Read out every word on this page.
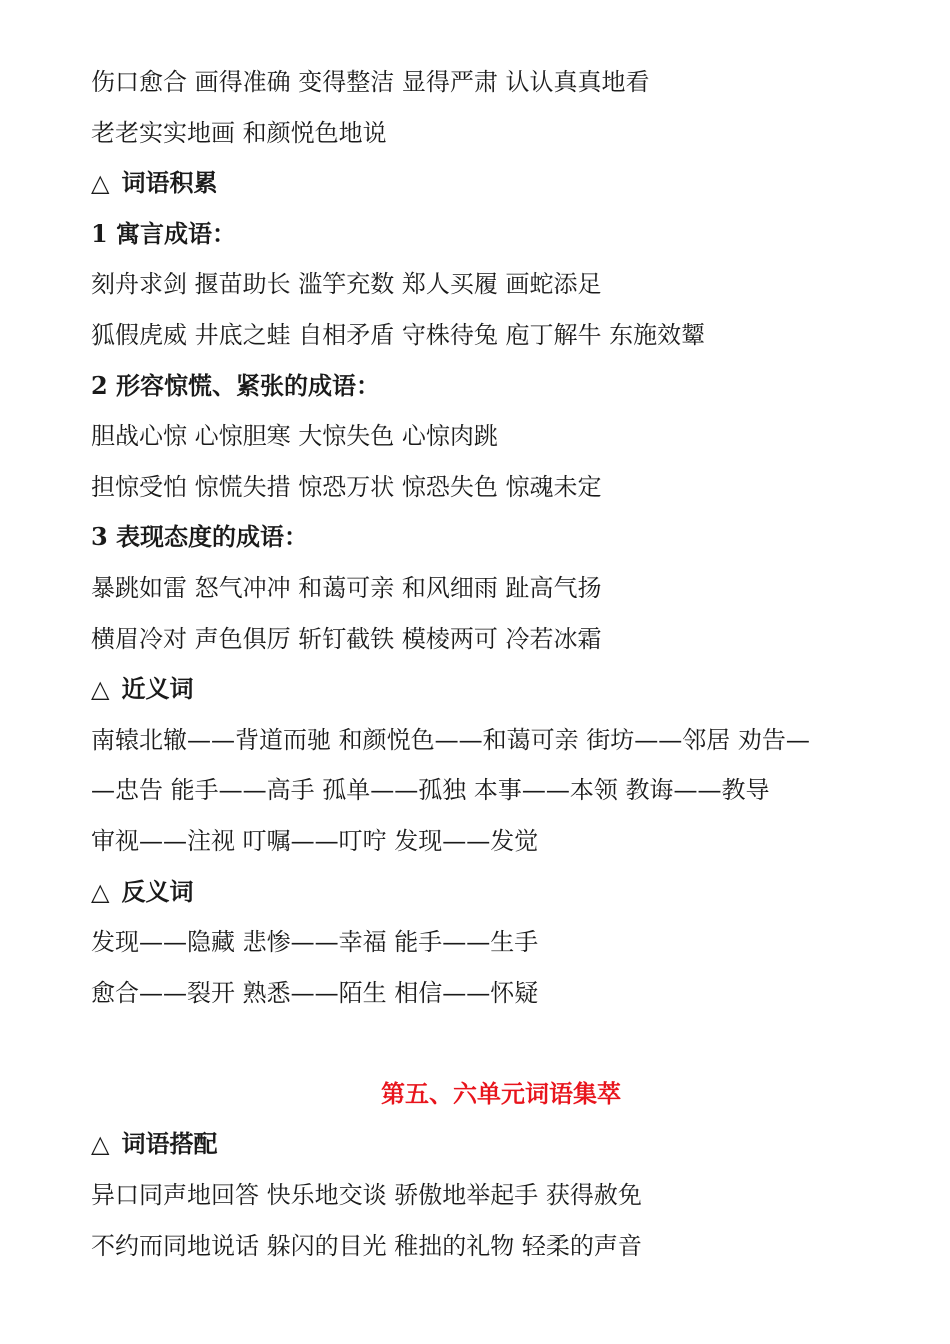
伤口愈合 画得准确 变得整洁 显得严肃 认认真真地看
老老实实地画 和颜悦色地说
△ 词语积累
1 寓言成语：
刻舟求剑 揠苗助长 滥竽充数 郑人买履 画蛇添足
狐假虎威 井底之蛙 自相矛盾 守株待兔 庖丁解牛 东施效颦
2 形容惊慌、紧张的成语：
胆战心惊 心惊胆寒 大惊失色 心惊肉跳
担惊受怕 惊慌失措 惊恐万状 惊恐失色 惊魂未定
3 表现态度的成语：
暴跳如雷 怒气冲冲 和蔼可亲 和风细雨 趾高气扬
横眉冷对 声色俱厉 斩钉截铁 模棱两可 冷若冰霜
△ 近义词
南辕北辙——背道而驰 和颜悦色——和蔼可亲 街坊——邻居 劝告—
—忠告 能手——高手 孤单——孤独 本事——本领 教诲——教导
审视——注视 叮嘱——叮咛 发现——发觉
△ 反义词
发现——隐藏 悲惨——幸福 能手——生手
愈合——裂开 熟悉——陌生 相信——怀疑
第五、六单元词语集萃
△ 词语搭配
异口同声地回答 快乐地交谈 骄傲地举起手 获得赦免
不约而同地说话 躲闪的目光 稚拙的礼物 轻柔的声音
